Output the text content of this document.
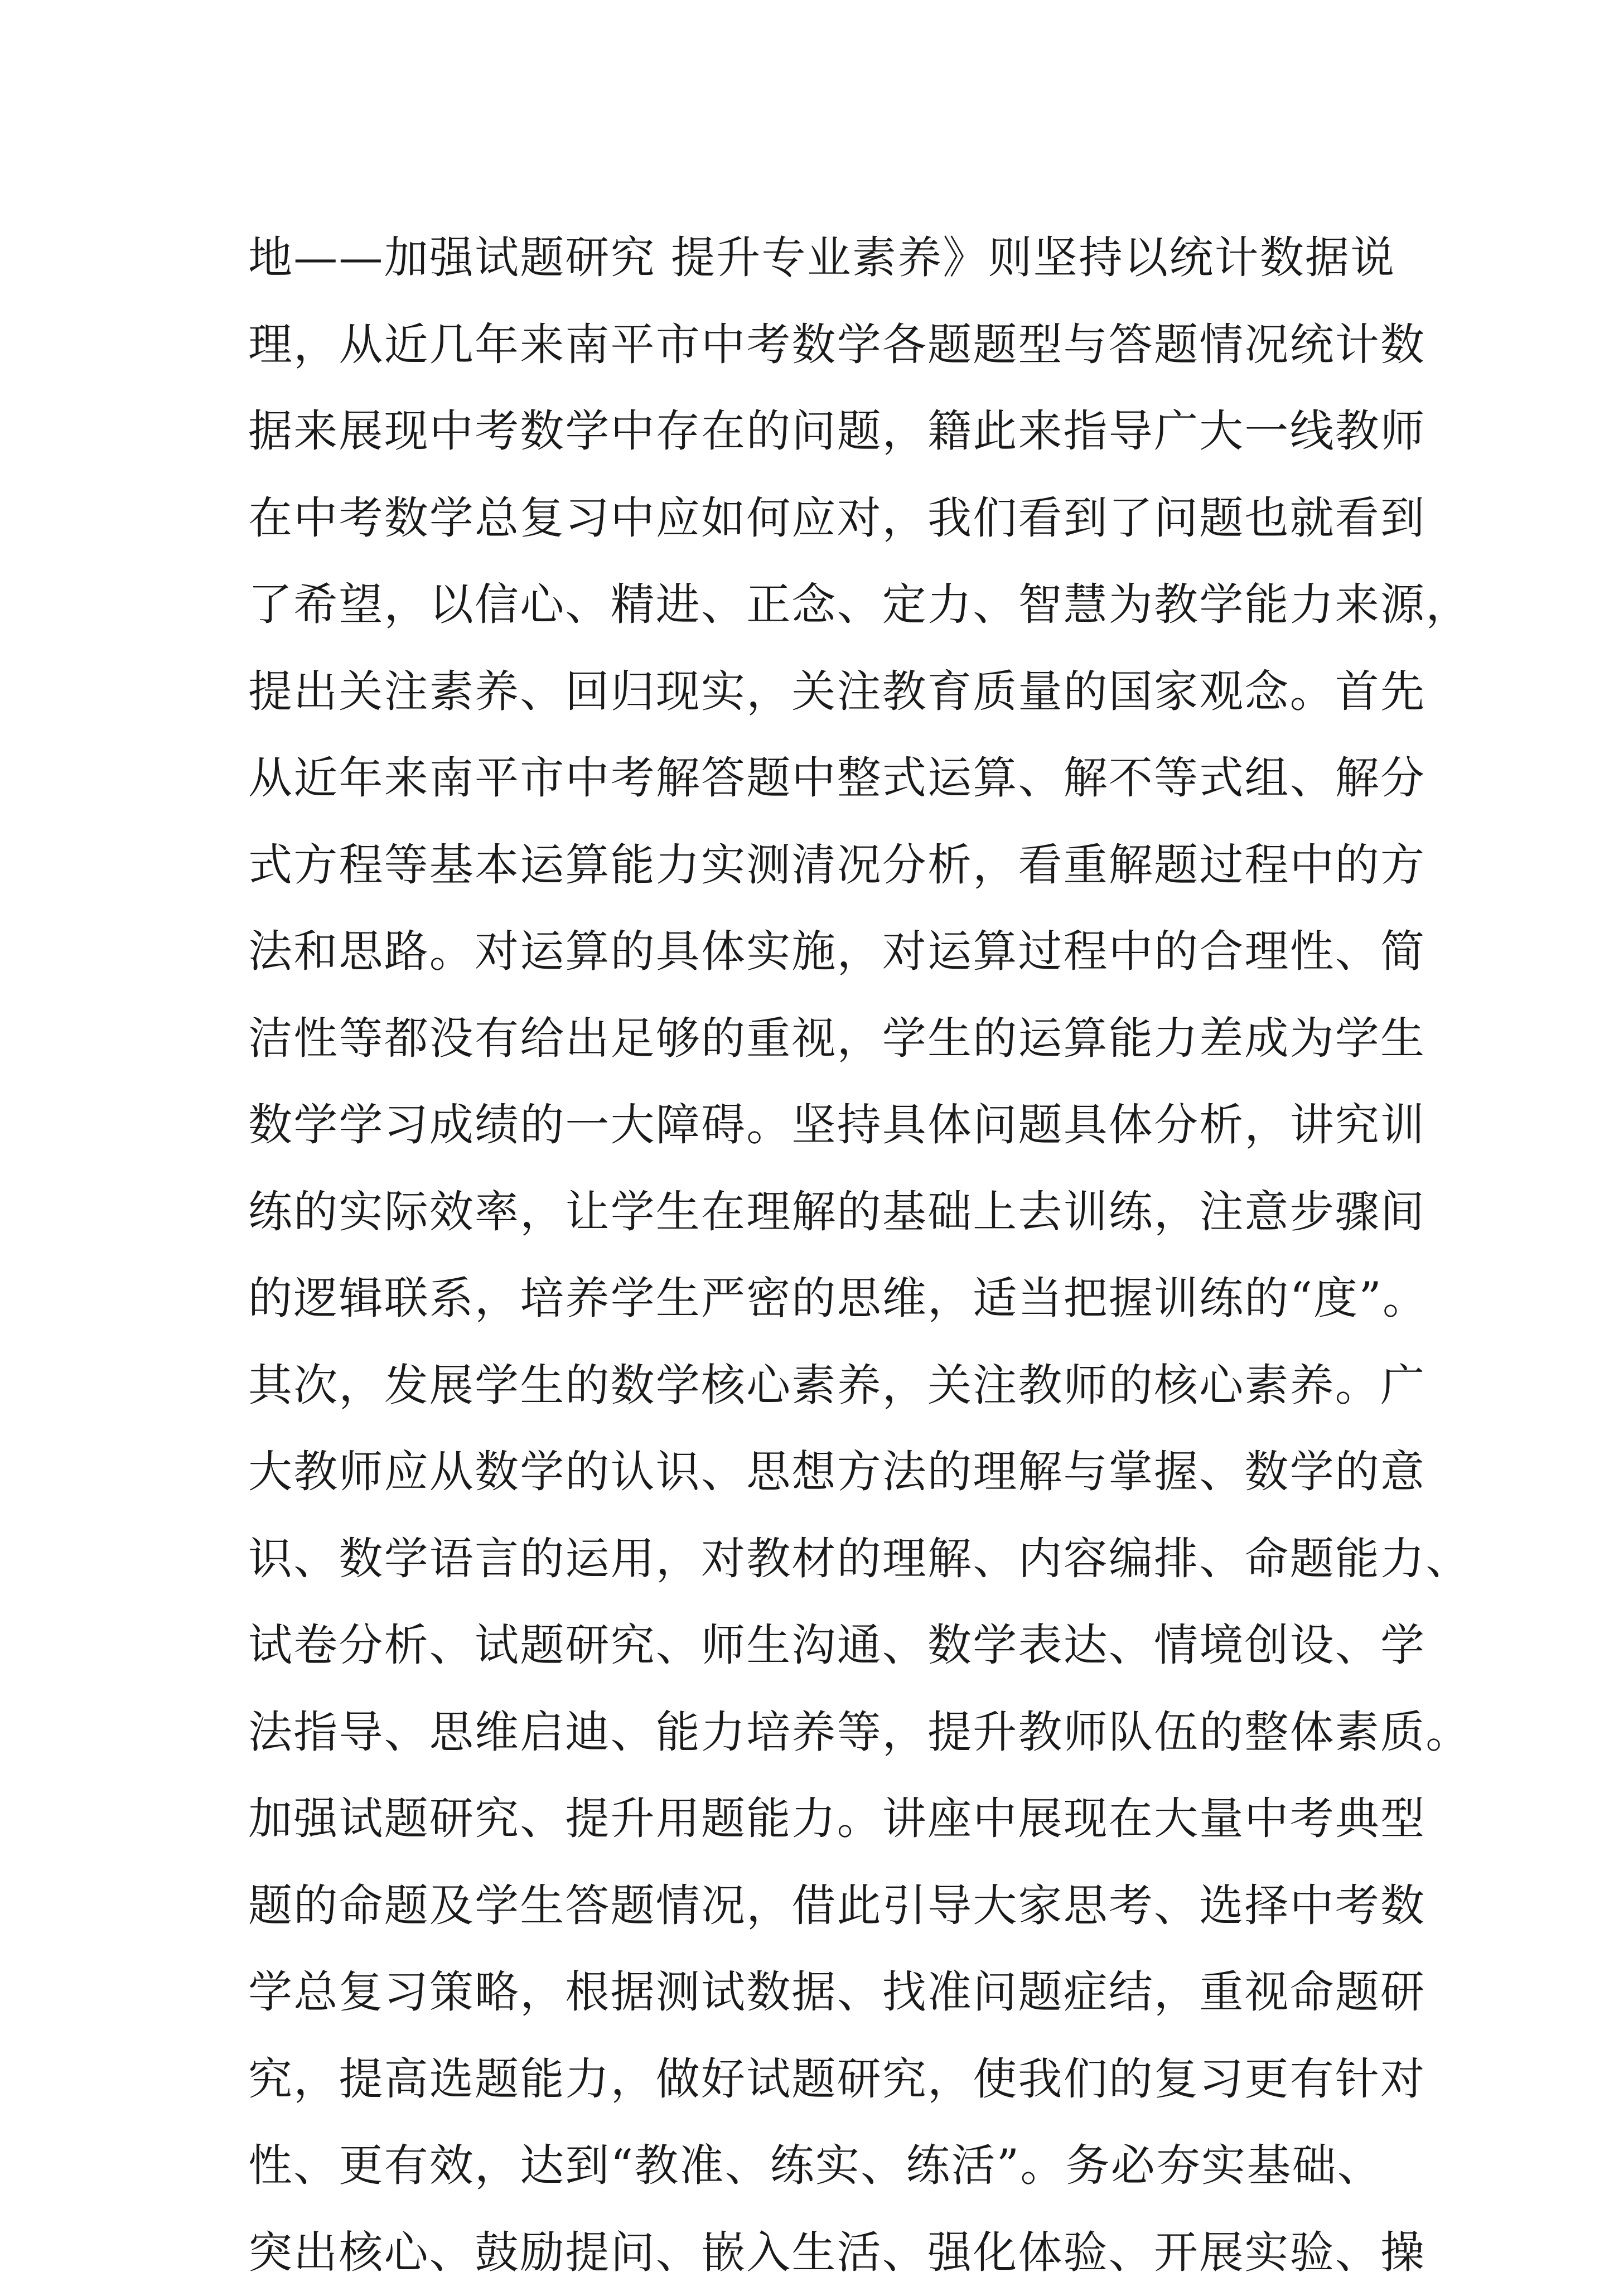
地——加强试题研究 提升专业素养》则坚持以统计数据说
理，从近几年来南平市中考数学各题题型与答题情况统计数
据来展现中考数学中存在的问题，籍此来指导广大一线教师
在中考数学总复习中应如何应对，我们看到了问题也就看到
了希望，以信心、精进、正念、定力、智慧为教学能力来源，
提出关注素养、回归现实，关注教育质量的国家观念。首先
从近年来南平市中考解答题中整式运算、解不等式组、解分
式方程等基本运算能力实测清况分析，看重解题过程中的方
法和思路。对运算的具体实施，对运算过程中的合理性、简
洁性等都没有给出足够的重视，学生的运算能力差成为学生
数学学习成绩的一大障碍。坚持具体问题具体分析，讲究训
练的实际效率，让学生在理解的基础上去训练，注意步骤间
的逻辑联系，培养学生严密的思维，适当把握训练的“度”。
其次，发展学生的数学核心素养，关注教师的核心素养。广
大教师应从数学的认识、思想方法的理解与掌握、数学的意
识、数学语言的运用，对教材的理解、内容编排、命题能力、
试卷分析、试题研究、师生沟通、数学表达、情境创设、学
法指导、思维启迪、能力培养等，提升教师队伍的整体素质。
加强试题研究、提升用题能力。讲座中展现在大量中考典型
题的命题及学生答题情况，借此引导大家思考、选择中考数
学总复习策略，根据测试数据、找准问题症结，重视命题研
究，提高选题能力，做好试题研究，使我们的复习更有针对
性、更有效，达到“教准、练实、练活”。务必夯实基础、
突出核心、鼓励提问、嵌入生活、强化体验、开展实验、操
